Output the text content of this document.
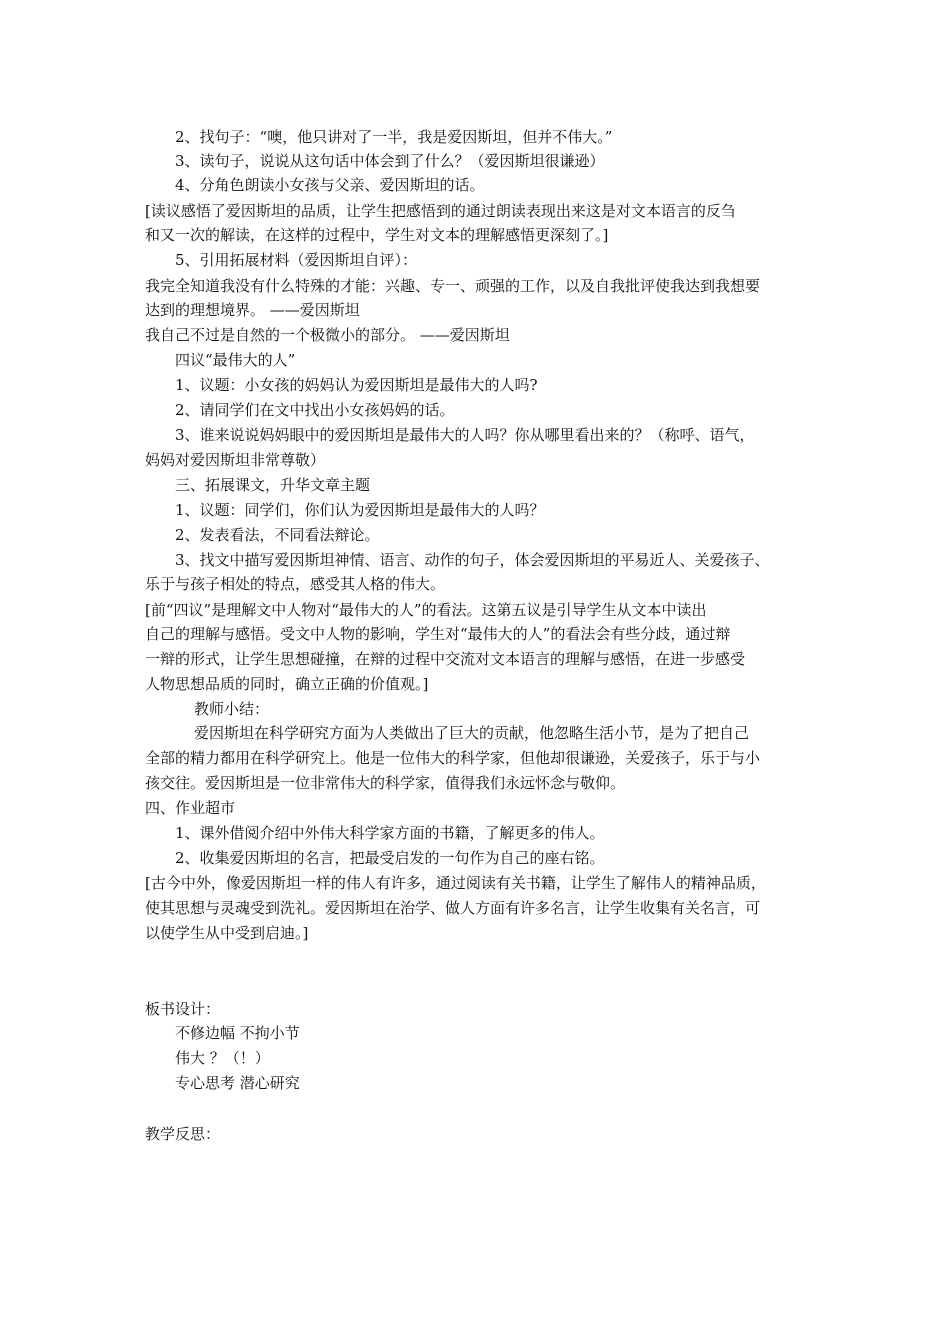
2、找句子：“噢，他只讲对了一半，我是爱因斯坦，但并不伟大。”
3、读句子，说说从这句话中体会到了什么？（爱因斯坦很谦逊）
4、分角色朗读小女孩与父亲、爱因斯坦的话。
[读议感悟了爱因斯坦的品质，让学生把感悟到的通过朗读表现出来这是对文本语言的反刍
和又一次的解读，在这样的过程中，学生对文本的理解感悟更深刻了。]
5、引用拓展材料（爱因斯坦自评）：
我完全知道我没有什么特殊的才能：兴趣、专一、顽强的工作，以及自我批评使我达到我想要
达到的理想境界。 ——爱因斯坦
我自己不过是自然的一个极微小的部分。 ——爱因斯坦
四议“最伟大的人”
1、议题：小女孩的妈妈认为爱因斯坦是最伟大的人吗?
2、请同学们在文中找出小女孩妈妈的话。
3、谁来说说妈妈眼中的爱因斯坦是最伟大的人吗？你从哪里看出来的？（称呼、语气，
妈妈对爱因斯坦非常尊敬）
三、拓展课文，升华文章主题
1、议题：同学们，你们认为爱因斯坦是最伟大的人吗？
2、发表看法，不同看法辩论。
3、找文中描写爱因斯坦神情、语言、动作的句子，体会爱因斯坦的平易近人、关爱孩子、
乐于与孩子相处的特点，感受其人格的伟大。
[前“四议”是理解文中人物对“最伟大的人”的看法。这第五议是引导学生从文本中读出
自己的理解与感悟。受文中人物的影响，学生对“最伟大的人”的看法会有些分歧，通过辩
一辩的形式，让学生思想碰撞，在辩的过程中交流对文本语言的理解与感悟，在进一步感受
人物思想品质的同时，确立正确的价值观。]
教师小结：
爱因斯坦在科学研究方面为人类做出了巨大的贡献，他忽略生活小节，是为了把自己
全部的精力都用在科学研究上。他是一位伟大的科学家，但他却很谦逊，关爱孩子，乐于与小
孩交往。爱因斯坦是一位非常伟大的科学家，值得我们永远怀念与敬仰。
四、作业超市
1、课外借阅介绍中外伟大科学家方面的书籍，了解更多的伟人。
2、收集爱因斯坦的名言，把最受启发的一句作为自己的座右铭。
[古今中外，像爱因斯坦一样的伟人有许多，通过阅读有关书籍，让学生了解伟人的精神品质，
使其思想与灵魂受到洗礼。爱因斯坦在治学、做人方面有许多名言，让学生收集有关名言，可
以使学生从中受到启迪。]
板书设计：
不修边幅 不拘小节
伟大 ？（！）
专心思考 潜心研究
教学反思：
